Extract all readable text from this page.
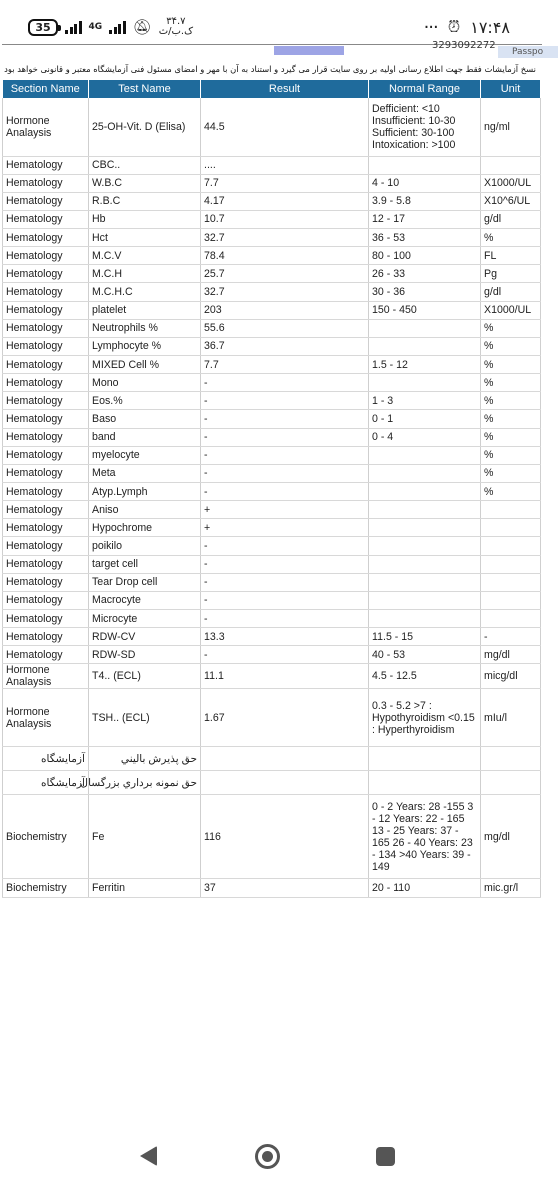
35	4G 🔕︎	۳۴.۷
ک.ب/ث	··· ⏰︎ ۱۷:۴۸
3293092272
Passpo
نسخ آزمایشات فقط جهت اطلاع رسانی اولیه بر روی سایت قرار می گیرد و استناد به آن با مهر و امضای مسئول فنی آزمایشگاه معتبر و قانونی خواهد بود
Section Name	Test Name	Result	Normal Range	Unit
Hormone Analaysis	25-OH-Vit. D (Elisa)	44.5	Defficient: <10
Insufficient: 10-30
Sufficient: 30-100
Intoxication: >100	ng/ml
Hematology	CBC..	....		
Hematology	W.B.C	7.7	4 - 10	X1000/UL
Hematology	R.B.C	4.17	3.9 - 5.8	X10^6/UL
Hematology	Hb	10.7	12 - 17	g/dl
Hematology	Hct	32.7	36 - 53	%
Hematology	M.C.V	78.4	80 - 100	FL
Hematology	M.C.H	25.7	26 - 33	Pg
Hematology	M.C.H.C	32.7	30 - 36	g/dl
Hematology	platelet	203	150 - 450	X1000/UL
Hematology	Neutrophils %	55.6		%
Hematology	Lymphocyte %	36.7		%
Hematology	MIXED Cell %	7.7	1.5 - 12	%
Hematology	Mono	-		%
Hematology	Eos.%	-	1 - 3	%
Hematology	Baso	-	0 - 1	%
Hematology	band	-	0 - 4	%
Hematology	myelocyte	-		%
Hematology	Meta	-		%
Hematology	Atyp.Lymph	-		%
Hematology	Aniso	+		
Hematology	Hypochrome	+		
Hematology	poikilo	-		
Hematology	target cell	-		
Hematology	Tear Drop cell	-		
Hematology	Macrocyte	-		
Hematology	Microcyte	-		
Hematology	RDW-CV	13.3	11.5 - 15	-
Hematology	RDW-SD	-	40 - 53	mg/dl
Hormone Analaysis	T4.. (ECL)	11.1	4.5 - 12.5	micg/dl
Hormone Analaysis	TSH.. (ECL)	1.67	0.3 - 5.2 >7 : Hypothyroidism <0.15 : Hyperthyroidism	mIu/l
آزمایشگاه	حق پذيرش باليني			
آزمایشگاه	حق نمونه برداري بزرگسال			
Biochemistry	Fe	116	0 - 2 Years: 28 -155 3 - 12 Years: 22 - 165 13 - 25 Years: 37 - 165 26 - 40 Years: 23 - 134 >40 Years: 39 - 149	mg/dl
Biochemistry	Ferritin	37	20 - 110	mic.gr/l
